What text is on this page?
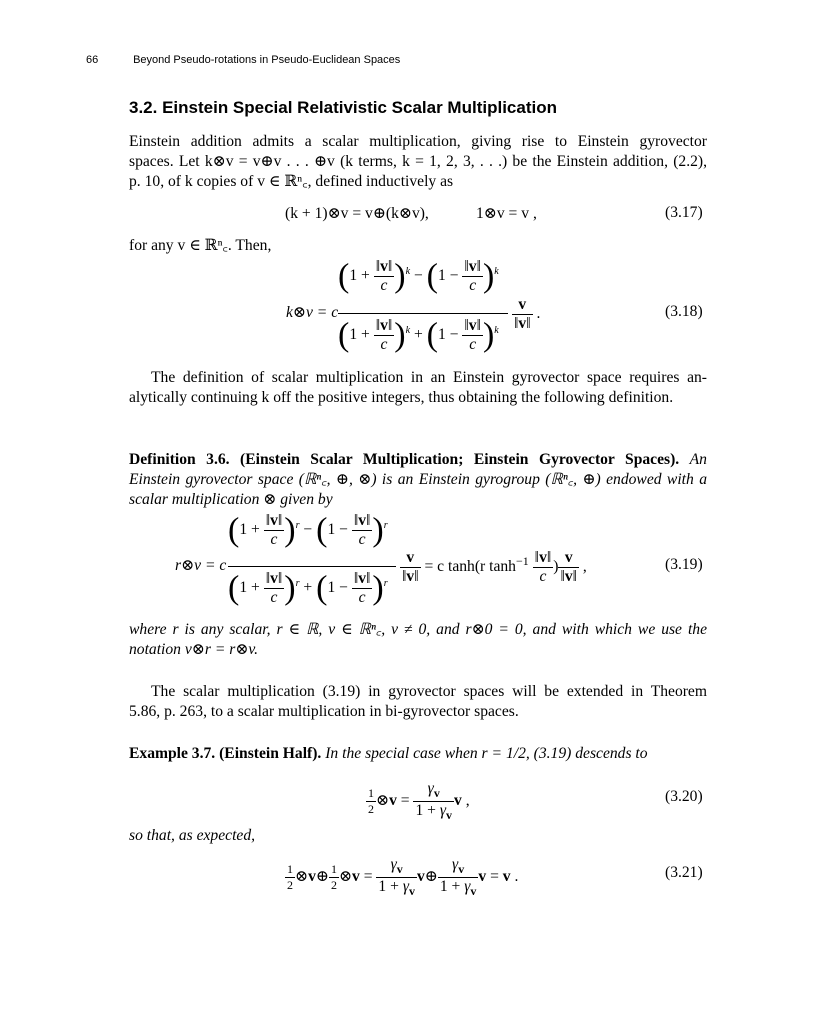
66	Beyond Pseudo-rotations in Pseudo-Euclidean Spaces
3.2. Einstein Special Relativistic Scalar Multiplication
Einstein addition admits a scalar multiplication, giving rise to Einstein gyrovector
spaces. Let k⊗v = v⊕v . . . ⊕v (k terms, k = 1, 2, 3, . . .) be the Einstein addition, (2.2),
p. 10, of k copies of v ∈ ℝⁿ꜀, defined inductively as
(k + 1)⊗v = v⊕(k⊗v),	1⊗v = v ,	(3.17)
for any v ∈ ℝⁿ꜀. Then,
k⊗v = c
$(1 + \frac{‖v‖}{c} )^k - (1 - \frac{‖v‖}{c} )^k$
$(1 + \frac{‖v‖}{c} )^k + (1 - \frac{‖v‖}{c} )^k \frac{v}{‖v‖}$ .	(3.18)
The definition of scalar multiplication in an Einstein gyrovector space requires an-
alytically continuing k off the positive integers, thus obtaining the following definition.
Definition 3.6. (Einstein Scalar Multiplication; Einstein Gyrovector Spaces). An
Einstein gyrovector space (ℝⁿ꜀, ⊕, ⊗) is an Einstein gyrogroup (ℝⁿ꜀, ⊕) endowed with a
scalar multiplication ⊗ given by
r⊗v = c
$(1 + \frac{‖v‖}{c} )^r - (1 - \frac{‖v‖}{c} )^r$
$(1 + \frac{‖v‖}{c} )^r + (1 - \frac{‖v‖}{c} )^r \frac{v}{‖v‖} = c$ tanh(r $\tanh^{-1} \frac{‖v‖}{c}$ ) $\frac{v}{‖v‖}$ ,	(3.19)
where r is any scalar, r ∈ ℝ, v ∈ ℝⁿ꜀, v ≠ 0, and r⊗0 = 0, and with which we use the
notation v⊗r = r⊗v.
The scalar multiplication (3.19) in gyrovector spaces will be extended in Theorem
5.86, p. 263, to a scalar multiplication in bi-gyrovector spaces.
Example 3.7. (Einstein Half). In the special case when r = 1/2, (3.19) descends to
$\frac{1}{2}$ ⊗v = $\frac{\gamma_v}{1 + \gamma_v}$ v ,	(3.20)
so that, as expected,
$\frac{1}{2}$ ⊗v⊕ $\frac{1}{2}$ ⊗v = $\frac{\gamma_v}{1 + \gamma_v}$ v⊕ $\frac{\gamma_v}{1 + \gamma_v}$ v = v .	(3.21)
